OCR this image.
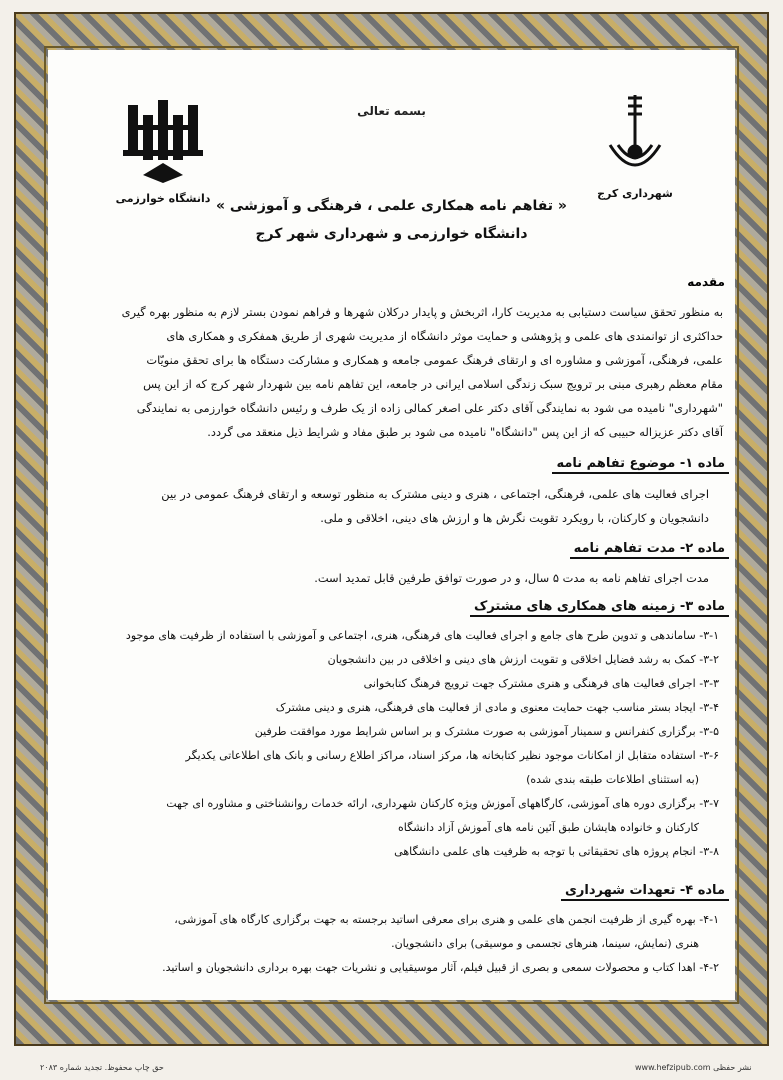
دانشگاه خوارزمی	شهرداری کرج
بسمه تعالی
« تفاهم نامه همکاری علمی ، فرهنگی و آموزشی »
دانشگاه خوارزمی و شهرداری شهر کرج
مقدمه

به منظور تحقق سیاست دستیابی به مدیریت کارا، اثربخش و پایدار درکلان شهرها و فراهم نمودن بستر لازم به منظور بهره گیری

حداکثری از توانمندی های علمی و پژوهشی و حمایت موثر دانشگاه از مدیریت شهری از طریق همفکری و همکاری های

علمی، فرهنگی، آموزشی و مشاوره ای و ارتقای فرهنگ عمومی جامعه و همکاری و مشارکت دستگاه ها برای تحقق منویّات

مقام معظم رهبری مبنی بر ترویج سبک زندگی اسلامی ایرانی در جامعه، این تفاهم نامه بین شهردار شهر کرج که از این پس

"شهرداری" نامیده می شود به نمایندگی آقای دکتر علی اصغر کمالی زاده از یک طرف و رئیس دانشگاه خوارزمی به نمایندگی

آقای دکتر عزیزاله حبیبی که از این پس "دانشگاه" نامیده می شود بر طبق مفاد و شرایط ذیل منعقد می گردد.

ماده ۱- موضوع تفاهم نامه

اجرای فعالیت های علمی، فرهنگی، اجتماعی ، هنری و دینی مشترک به منظور توسعه و ارتقای فرهنگ عمومی در بین

دانشجویان و کارکنان، با رویکرد تقویت نگرش ها و ارزش های دینی، اخلاقی و ملی.

ماده ۲- مدت تفاهم نامه

مدت اجرای تفاهم نامه به مدت ۵ سال، و در صورت توافق طرفین قابل تمدید است.

ماده ۳- زمینه های همکاری های مشترک

۳-۱- ساماندهی و تدوین طرح های جامع و اجرای فعالیت های فرهنگی، هنری، اجتماعی و آموزشی با استفاده از ظرفیت های موجود

۳-۲- کمک به رشد فضایل اخلاقی و تقویت ارزش های دینی و اخلاقی در بین دانشجویان

۳-۳- اجرای فعالیت های فرهنگی و هنری مشترک جهت ترویج فرهنگ کتابخوانی

۳-۴- ایجاد بستر مناسب جهت حمایت معنوی و مادی از فعالیت های فرهنگی، هنری و دینی مشترک

۳-۵- برگزاری کنفرانس و سمینار آموزشی به صورت مشترک و بر اساس شرایط مورد موافقت طرفین

۳-۶- استفاده متقابل از امکانات موجود نظیر کتابخانه ها، مرکز اسناد، مراکز اطلاع رسانی و بانک های اطلاعاتی یکدیگر

(به استثنای اطلاعات طبقه بندی شده)

۳-۷- برگزاری دوره های آموزشی، کارگاههای آموزش ویژه کارکنان شهرداری، ارائه خدمات روانشناختی و مشاوره ای جهت

کارکنان و خانواده هایشان طبق آئین نامه های آموزش آزاد دانشگاه

۳-۸- انجام پروژه های تحقیقاتی با توجه به ظرفیت های علمی دانشگاهی

ماده ۴- تعهدات شهرداری

۴-۱- بهره گیری از ظرفیت انجمن های علمی و هنری برای معرفی اساتید برجسته به جهت برگزاری کارگاه های آموزشی،

هنری (نمایش، سینما، هنرهای تجسمی و موسیقی) برای دانشجویان.

۴-۲- اهدا کتاب و محصولات سمعی و بصری از قبیل فیلم، آثار موسیقیایی و نشریات جهت بهره برداری دانشجویان و اساتید.

حق چاپ محفوظ. تجدید شماره ۲۰۸۳	www.hefzipub.com نشر حفظی
